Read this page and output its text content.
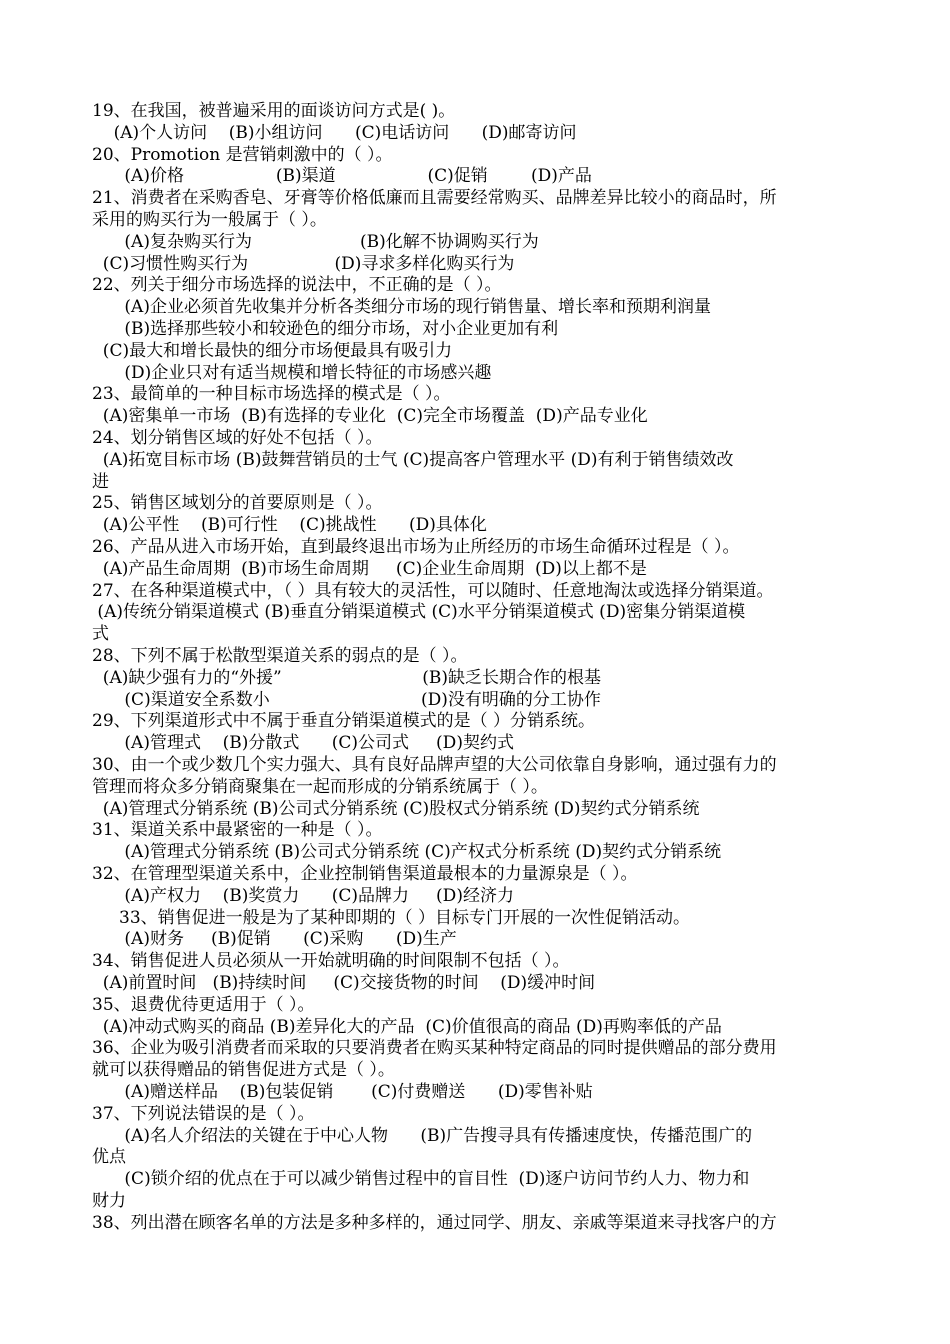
19、在我国，被普遍采用的面谈访问方式是( )。
(A)个人访问    (B)小组访问      (C)电话访问      (D)邮寄访问
20、Promotion 是营销刺激中的（ ）。
(A)价格                 (B)渠道                 (C)促销        (D)产品
21、消费者在采购香皂、牙膏等价格低廉而且需要经常购买、品牌差异比较小的商品时，所
采用的购买行为一般属于（ ）。
(A)复杂购买行为                    (B)化解不协调购买行为
(C)习惯性购买行为                (D)寻求多样化购买行为
22、列关于细分市场选择的说法中，不正确的是（ ）。
(A)企业必须首先收集并分析各类细分市场的现行销售量、增长率和预期利润量
(B)选择那些较小和较逊色的细分市场，对小企业更加有利
(C)最大和增长最快的细分市场便最具有吸引力
(D)企业只对有适当规模和增长特征的市场感兴趣
23、最简单的一种目标市场选择的模式是（ ）。
(A)密集单一市场  (B)有选择的专业化  (C)完全市场覆盖  (D)产品专业化
24、划分销售区域的好处不包括（ ）。
(A)拓宽目标市场 (B)鼓舞营销员的士气 (C)提高客户管理水平 (D)有利于销售绩效改
进
25、销售区域划分的首要原则是（ ）。
(A)公平性    (B)可行性    (C)挑战性      (D)具体化
26、产品从进入市场开始，直到最终退出市场为止所经历的市场生命循环过程是（ ）。
(A)产品生命周期  (B)市场生命周期     (C)企业生命周期  (D)以上都不是
27、在各种渠道模式中，（ ）具有较大的灵活性，可以随时、任意地淘汰或选择分销渠道。
(A)传统分销渠道模式 (B)垂直分销渠道模式 (C)水平分销渠道模式 (D)密集分销渠道模
式
28、下列不属于松散型渠道关系的弱点的是（ ）。
(A)缺少强有力的“外援”                          (B)缺乏长期合作的根基
(C)渠道安全系数小                            (D)没有明确的分工协作
29、下列渠道形式中不属于垂直分销渠道模式的是（ ）分销系统。
(A)管理式    (B)分散式      (C)公司式     (D)契约式
30、由一个或少数几个实力强大、具有良好品牌声望的大公司依靠自身影响，通过强有力的
管理而将众多分销商聚集在一起而形成的分销系统属于（ ）。
(A)管理式分销系统 (B)公司式分销系统 (C)股权式分销系统 (D)契约式分销系统
31、渠道关系中最紧密的一种是（ ）。
(A)管理式分销系统 (B)公司式分销系统 (C)产权式分析系统 (D)契约式分销系统
32、在管理型渠道关系中，企业控制销售渠道最根本的力量源泉是（ ）。
(A)产权力    (B)奖赏力      (C)品牌力     (D)经济力
33、销售促进一般是为了某种即期的（ ）目标专门开展的一次性促销活动。
(A)财务     (B)促销      (C)采购      (D)生产
34、销售促进人员必须从一开始就明确的时间限制不包括（ ）。
(A)前置时间   (B)持续时间     (C)交接货物的时间    (D)缓冲时间
35、退费优待更适用于（ ）。
(A)冲动式购买的商品 (B)差异化大的产品  (C)价值很高的商品 (D)再购率低的产品
36、企业为吸引消费者而采取的只要消费者在购买某种特定商品的同时提供赠品的部分费用
就可以获得赠品的销售促进方式是（ ）。
(A)赠送样品    (B)包装促销       (C)付费赠送      (D)零售补贴
37、下列说法错误的是（ ）。
(A)名人介绍法的关键在于中心人物      (B)广告搜寻具有传播速度快，传播范围广的
优点
(C)锁介绍的优点在于可以减少销售过程中的盲目性  (D)逐户访问节约人力、物力和
财力
38、列出潜在顾客名单的方法是多种多样的，通过同学、朋友、亲戚等渠道来寻找客户的方
